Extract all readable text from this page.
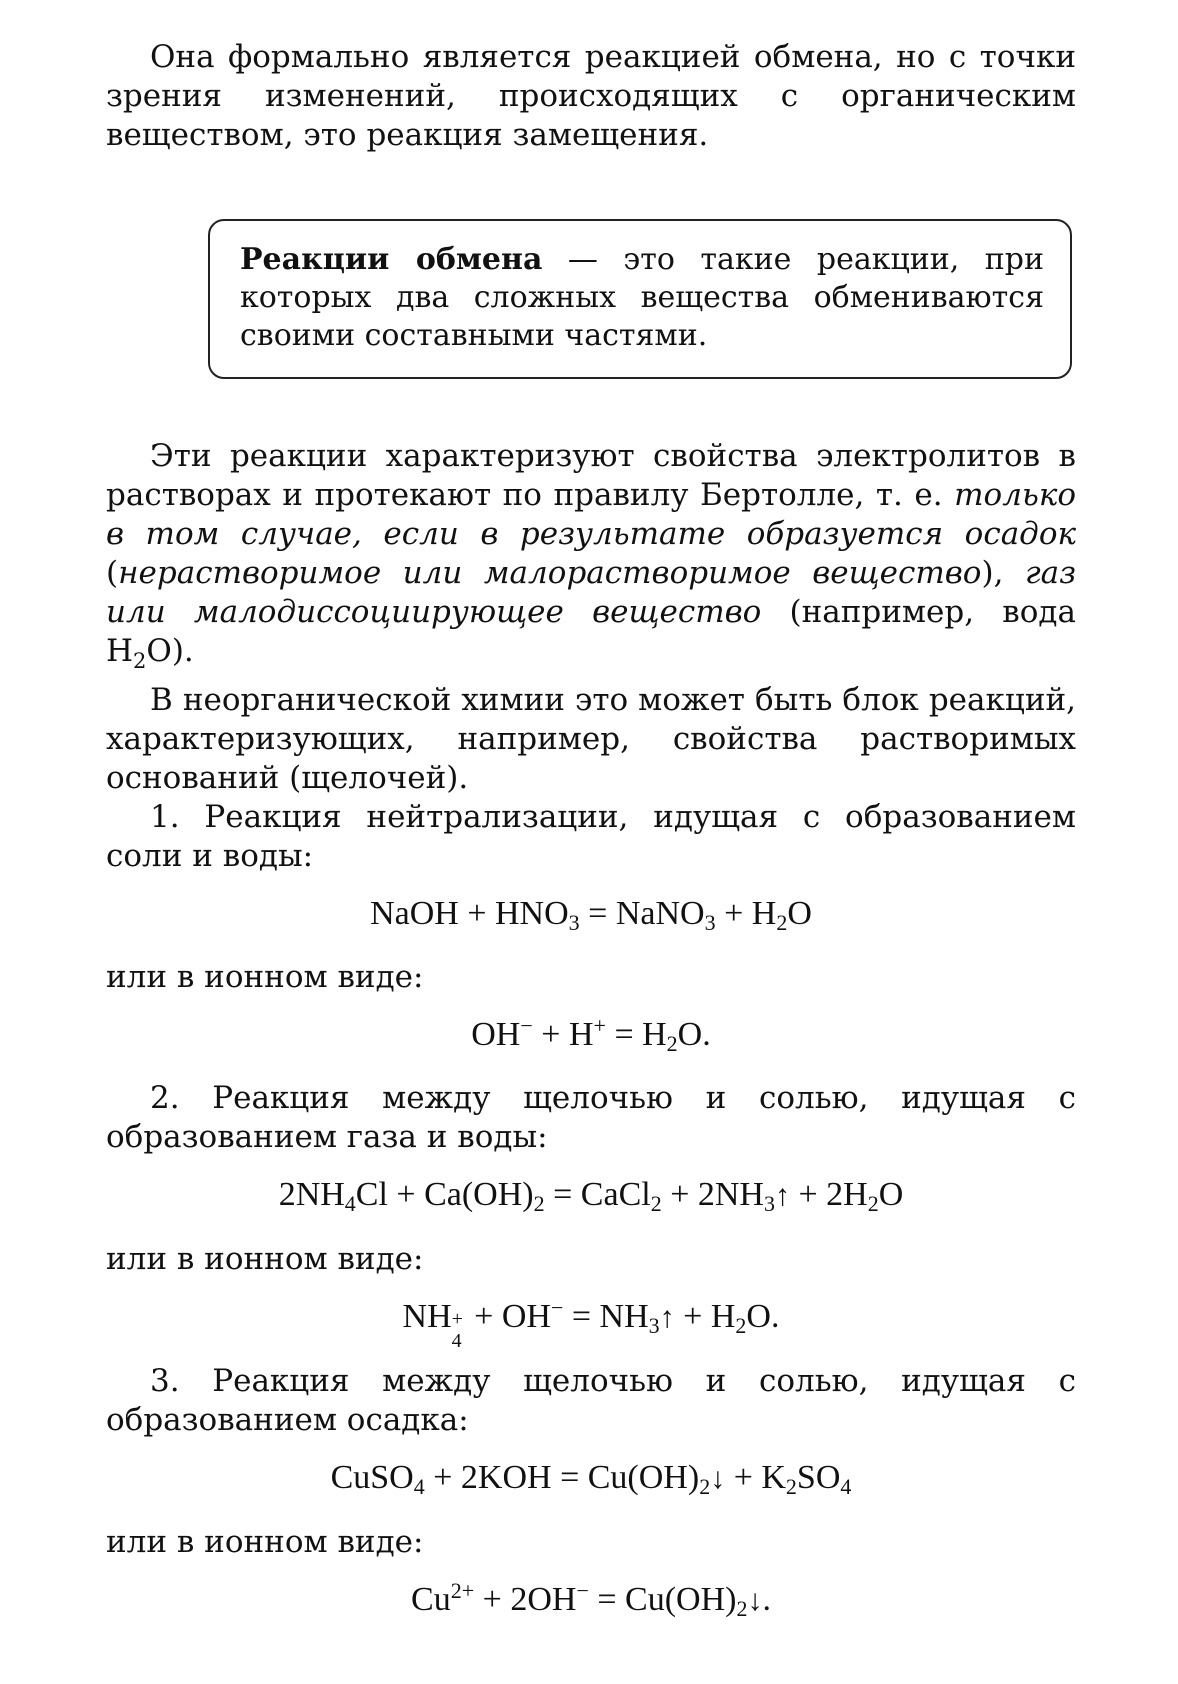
Она формально является реакцией обмена, но с точки зрения изменений, происходящих с органическим веществом, это реакция замещения.

Реакции обмена — это такие реакции, при которых два сложных вещества обмениваются своими составными частями.

Эти реакции характеризуют свойства электролитов в растворах и протекают по правилу Бертолле, т. е. только в том случае, если в результате образуется осадок (нерастворимое или малорастворимое вещество), газ или малодиссоциирующее вещество (например, вода $H_2O$).

В неорганической химии это может быть блок реакций, характеризующих, например, свойства растворимых оснований (щелочей).

1. Реакция нейтрализации, идущая с образованием соли и воды:

NaOH + $HNO_3$ = NaNO$_3$ + $H_2O$

или в ионном виде:

$OH^- + H^+ = H_2O$.

2. Реакция между щелочью и солью, идущая с образованием газа и воды:

$2NH_4Cl + Ca(OH)_2$ = CaCl$_2$ + $2NH_3↑ + 2H_2O$

или в ионном виде:

NH +
4
+ $OH^- = NH_3↑ + H_2O$.

3. Реакция между щелочью и солью, идущая с образованием осадка:

CuSO$_4$ + $2KOH = Cu(OH)_2↓ + K_2SO_4$

или в ионном виде:

$Cu^{2+} + 2OH^-$ = $Cu(OH)_2↓$.
